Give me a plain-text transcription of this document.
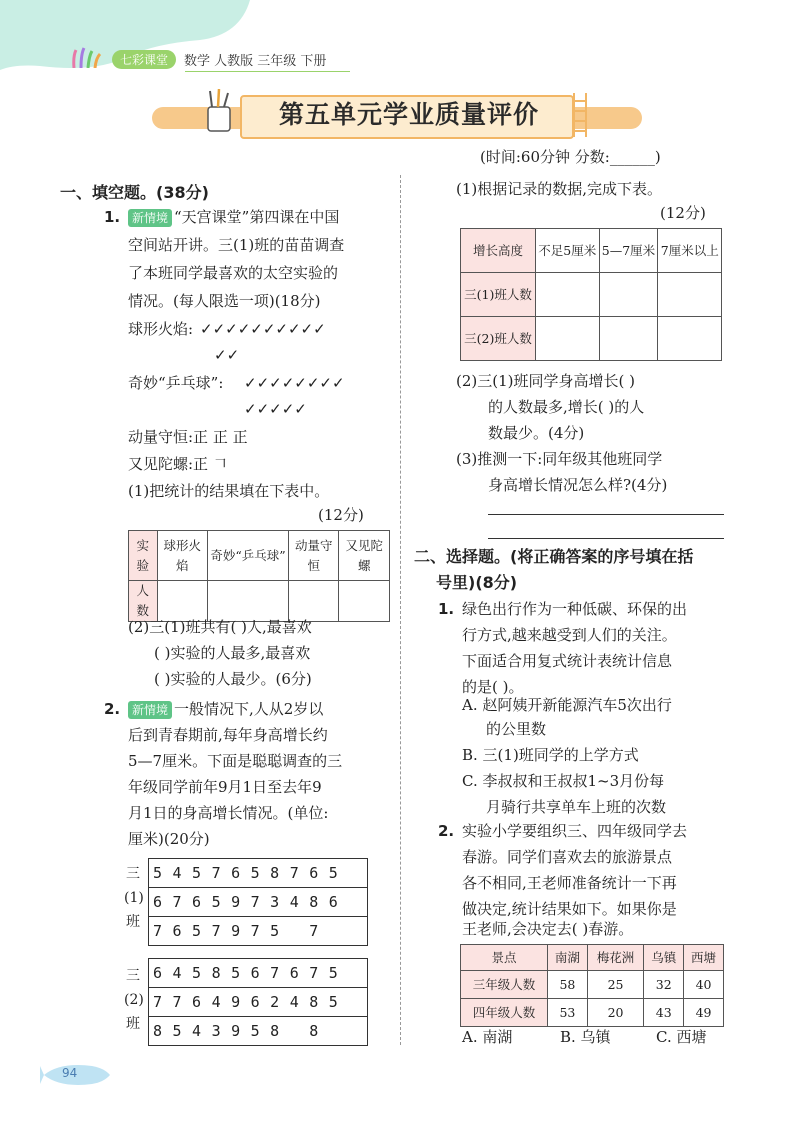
七彩课堂	数学 人教版 三年级 下册
第五单元学业质量评价
(时间:60分钟 分数:______)
一、填空题。(38分)
1. 新情境 “天宫课堂”第四课在中国
空间站开讲。三(1)班的苗苗调查
了本班同学最喜欢的太空实验的
情况。(每人限选一项)(18分)
球形火焰: ✓✓✓✓✓✓✓✓✓✓
✓✓
奇妙“乒乓球”: ✓✓✓✓✓✓✓✓
✓✓✓✓✓
动量守恒:正 正 正
又见陀螺:正 𠃍
(1)把统计的结果填在下表中。
(12分)
实验	球形火焰	奇妙“乒乓球”	动量守恒	又见陀螺
人数				
(2)三(1)班共有( )人,最喜欢
( )实验的人最多,最喜欢
( )实验的人最少。(6分)
2. 新情境 一般情况下,人从2岁以
后到青春期前,每年身高增长约
5—7厘米。下面是聪聪调查的三
年级同学前年9月1日至去年9
月1日的身高增长情况。(单位:
厘米)(20分)
三(1)班
5457658765
6765973486
7657975 7
三(2)班
6458567675
7764962485
8543958 8
(1)根据记录的数据,完成下表。
(12分)
增长高度	不足5厘米	5—7厘米	7厘米以上
三(1)班人数			
三(2)班人数			
(2)三(1)班同学身高增长( )
的人数最多,增长( )的人
数最少。(4分)
(3)推测一下:同年级其他班同学
身高增长情况怎么样?(4分)
二、选择题。(将正确答案的序号填在括
号里)(8分)
1. 绿色出行作为一种低碳、环保的出
行方式,越来越受到人们的关注。
下面适合用复式统计表统计信息
的是( )。
A. 赵阿姨开新能源汽车5次出行
的公里数
B. 三(1)班同学的上学方式
C. 李叔叔和王叔叔1~3月份每
月骑行共享单车上班的次数
2. 实验小学要组织三、四年级同学去
春游。同学们喜欢去的旅游景点
各不相同,王老师准备统计一下再
做决定,统计结果如下。如果你是
王老师,会决定去( )春游。
景点	南湖	梅花洲	乌镇	西塘
三年级人数	58	25	32	40
四年级人数	53	20	43	49
A. 南湖	B. 乌镇	C. 西塘
94
